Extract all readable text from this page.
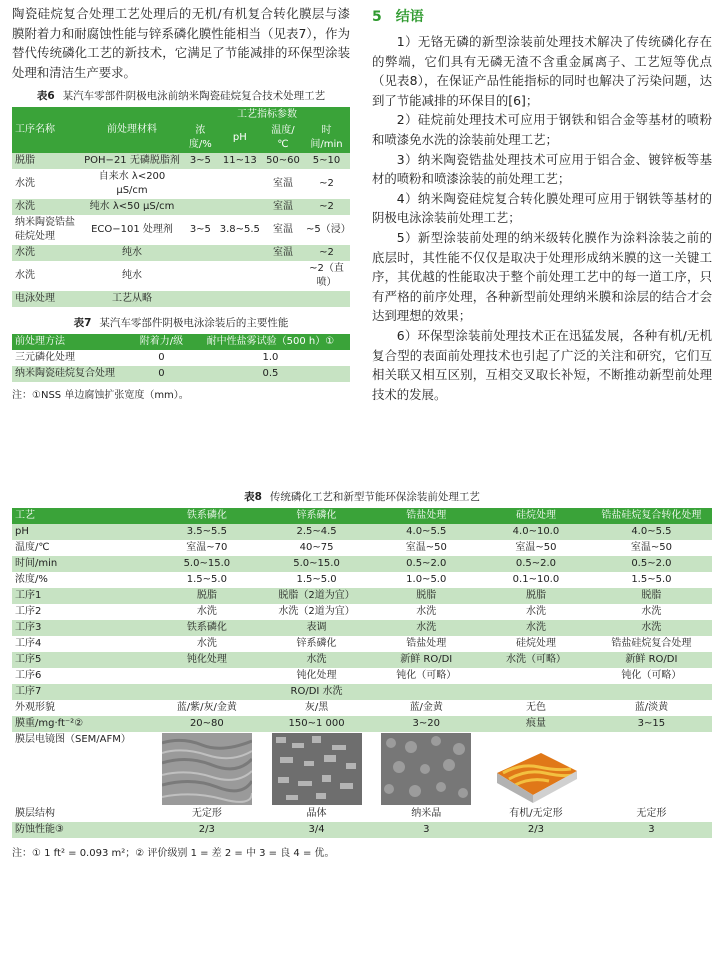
陶瓷硅烷复合处理工艺处理后的无机/有机复合转化膜层与漆膜附着力和耐腐蚀性能与锌系磷化膜性能相当（见表7），作为替代传统磷化工艺的新技术，它满足了节能减排的环保型涂装处理和清洁生产要求。

表6 某汽车零部件阴极电泳前纳米陶瓷硅烷复合技术处理工艺
工序名称	前处理材料	工艺指标参数			
		浓度/%	pH	温度/℃	时间/min
脱脂	POH−21 无磷脱脂剂	3~5	11~13	50~60	5~10
水洗	自来水 λ<200 μS/cm			室温	~2
水洗	纯水 λ<50 μS/cm			室温	~2
纳米陶瓷锆盐硅烷处理	ECO−101 处理剂	3~5	3.8~5.5	室温	~5（浸）
水洗	纯水			室温	~2
水洗	纯水				~2（直喷）
电泳处理	工艺从略				
表7 某汽车零部件阴极电泳涂装后的主要性能
前处理方法	附着力/级	耐中性盐雾试验（500 h）①
三元磷化处理	0	1.0
纳米陶瓷硅烷复合处理	0	0.5
注：①NSS 单边腐蚀扩张宽度（mm）。
5 结语

1）无铬无磷的新型涂装前处理技术解决了传统磷化存在的弊端，它们具有无磷无渣不含重金属离子、工艺短等优点（见表8），在保证产品性能指标的同时也解决了污染问题，达到了节能减排的环保目的[6]；

2）硅烷前处理技术可应用于钢铁和铝合金等基材的喷粉和喷漆免水洗的涂装前处理工艺；

3）纳米陶瓷锆盐处理技术可应用于铝合金、镀锌板等基材的喷粉和喷漆涂装的前处理工艺；

4）纳米陶瓷硅烷复合转化膜处理可应用于钢铁等基材的阴极电泳涂装前处理工艺；

5）新型涂装前处理的纳米级转化膜作为涂料涂装之前的底层时，其性能不仅仅是取决于处理形成纳米膜的这一关键工序，其优越的性能取决于整个前处理工艺中的每一道工序，只有严格的前序处理，各种新型前处理纳米膜和涂层的结合才会达到理想的效果；

6）环保型涂装前处理技术正在迅猛发展，各种有机/无机复合型的表面前处理技术也引起了广泛的关注和研究，它们互相关联又相互区别，互相交叉取长补短，不断推动新型前处理技术的发展。

表8 传统磷化工艺和新型节能环保涂装前处理工艺
工艺	铁系磷化	锌系磷化	锆盐处理	硅烷处理	锆盐硅烷复合转化处理
pH	3.5~5.5	2.5~4.5	4.0~5.5	4.0~10.0	4.0~5.5
温度/℃	室温~70	40~75	室温~50	室温~50	室温~50
时间/min	5.0~15.0	5.0~15.0	0.5~2.0	0.5~2.0	0.5~2.0
浓度/%	1.5~5.0	1.5~5.0	1.0~5.0	0.1~10.0	1.5~5.0
工序1	脱脂	脱脂（2道为宜）	脱脂	脱脂	脱脂
工序2	水洗	水洗（2道为宜）	水洗	水洗	水洗
工序3	铁系磷化	表调	水洗	水洗	水洗
工序4	水洗	锌系磷化	锆盐处理	硅烷处理	锆盐硅烷复合处理
工序5	钝化处理	水洗	新鲜 RO/DI	水洗（可略）	新鲜 RO/DI
工序6		钝化处理	钝化（可略）		钝化（可略）
工序7		RO/DI 水洗			
外观形貌	蓝/紫/灰/金黄	灰/黑	蓝/金黄	无色	蓝/淡黄
膜重/mg·ft⁻²②	20~80	150~1 000	3~20	痕量	3~15
膜层电镜图（SEM/AFM）	

膜层结构	无定形	晶体	纳米晶	有机/无定形	无定形
防蚀性能③	2/3	3/4	3	2/3	3
注：① 1 ft² = 0.093 m²；② 评价级别 1 = 差 2 = 中 3 = 良 4 = 优。
